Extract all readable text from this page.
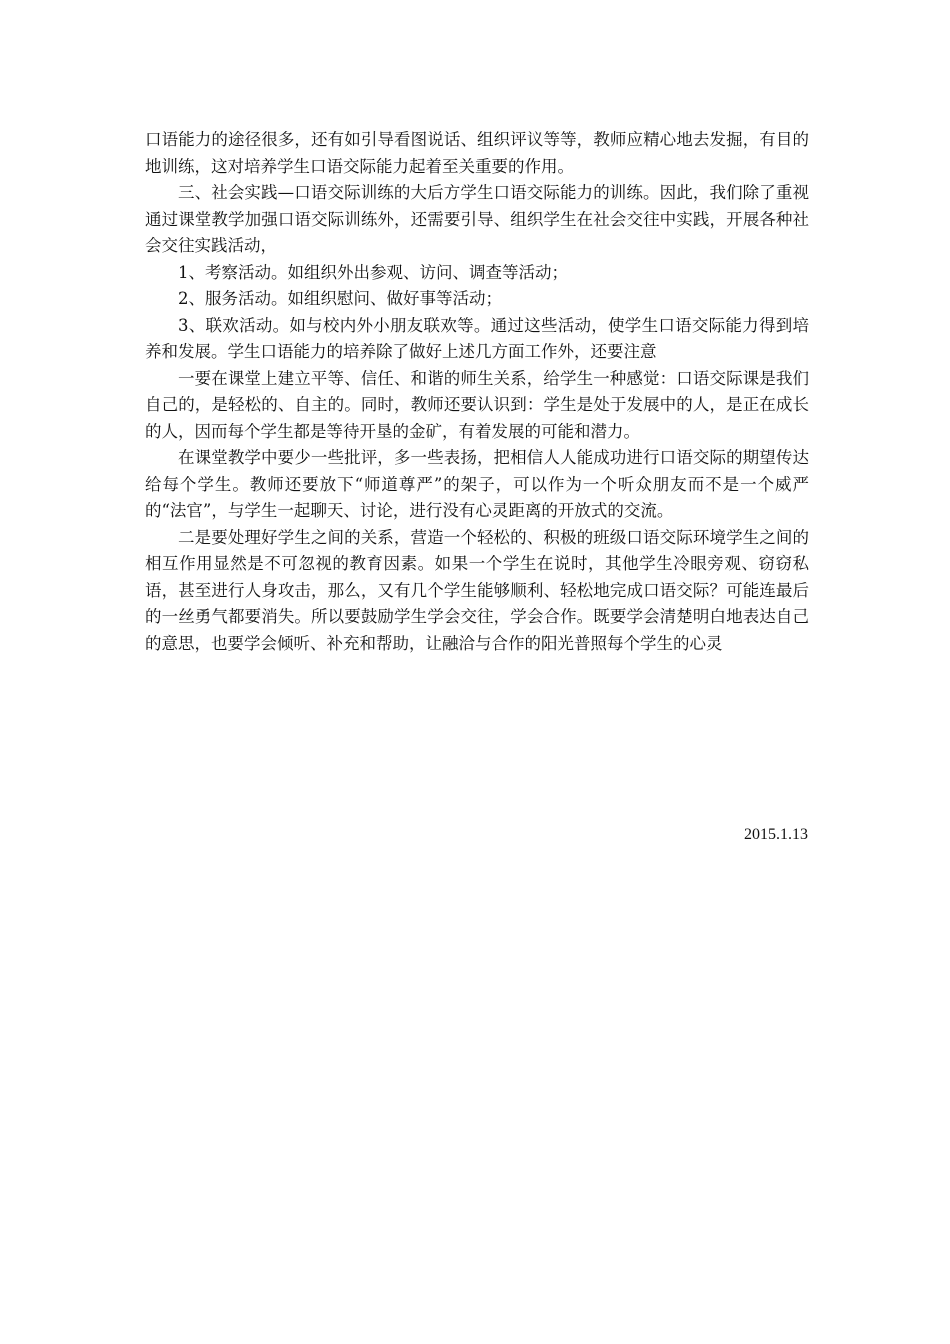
口语能力的途径很多，还有如引导看图说话、组织评议等等，教师应精心地去发掘，有目的地训练，这对培养学生口语交际能力起着至关重要的作用。

三、社会实践—口语交际训练的大后方学生口语交际能力的训练。因此，我们除了重视通过课堂教学加强口语交际训练外，还需要引导、组织学生在社会交往中实践，开展各种社会交往实践活动，

1、考察活动。如组织外出参观、访问、调查等活动；

2、服务活动。如组织慰问、做好事等活动；

3、联欢活动。如与校内外小朋友联欢等。通过这些活动，使学生口语交际能力得到培养和发展。学生口语能力的培养除了做好上述几方面工作外，还要注意

一要在课堂上建立平等、信任、和谐的师生关系，给学生一种感觉：口语交际课是我们自己的，是轻松的、自主的。同时，教师还要认识到：学生是处于发展中的人，是正在成长的人，因而每个学生都是等待开垦的金矿，有着发展的可能和潜力。

在课堂教学中要少一些批评，多一些表扬，把相信人人能成功进行口语交际的期望传达给每个学生。教师还要放下“师道尊严”的架子，可以作为一个听众朋友而不是一个威严的“法官”，与学生一起聊天、讨论，进行没有心灵距离的开放式的交流。

二是要处理好学生之间的关系，营造一个轻松的、积极的班级口语交际环境学生之间的相互作用显然是不可忽视的教育因素。如果一个学生在说时，其他学生冷眼旁观、窃窃私语，甚至进行人身攻击，那么，又有几个学生能够顺利、轻松地完成口语交际？可能连最后的一丝勇气都要消失。所以要鼓励学生学会交往，学会合作。既要学会清楚明白地表达自己的意思，也要学会倾听、补充和帮助，让融洽与合作的阳光普照每个学生的心灵

2015.1.13
